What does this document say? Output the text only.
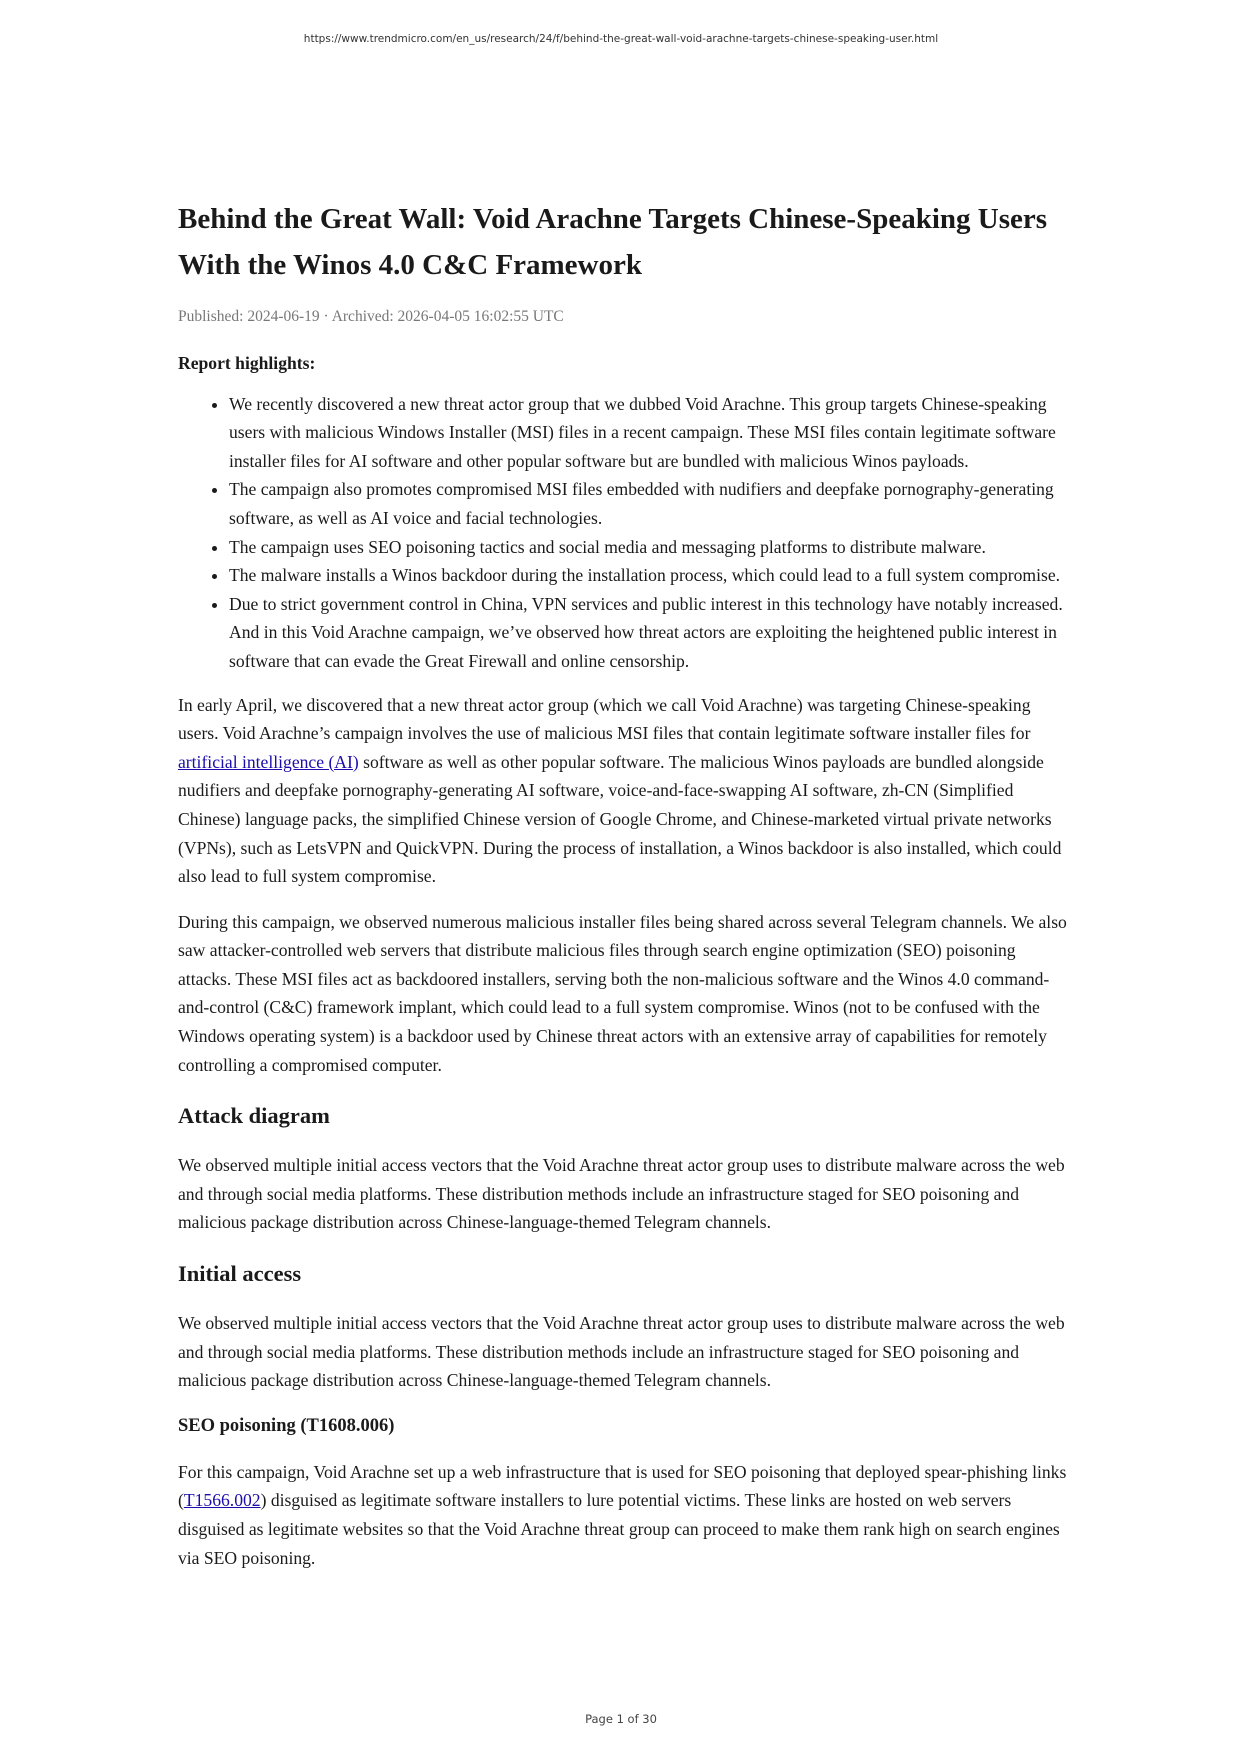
https://www.trendmicro.com/en_us/research/24/f/behind-the-great-wall-void-arachne-targets-chinese-speaking-user.html
Behind the Great Wall: Void Arachne Targets Chinese-Speaking Users With the Winos 4.0 C&C Framework
Published: 2024-06-19 · Archived: 2026-04-05 16:02:55 UTC
Report highlights:
• We recently discovered a new threat actor group that we dubbed Void Arachne. This group targets Chinese-speaking users with malicious Windows Installer (MSI) files in a recent campaign. These MSI files contain legitimate software installer files for AI software and other popular software but are bundled with malicious Winos payloads.
• The campaign also promotes compromised MSI files embedded with nudifiers and deepfake pornography-generating software, as well as AI voice and facial technologies.
• The campaign uses SEO poisoning tactics and social media and messaging platforms to distribute malware.
• The malware installs a Winos backdoor during the installation process, which could lead to a full system compromise.
• Due to strict government control in China, VPN services and public interest in this technology have notably increased. And in this Void Arachne campaign, we’ve observed how threat actors are exploiting the heightened public interest in software that can evade the Great Firewall and online censorship.

In early April, we discovered that a new threat actor group (which we call Void Arachne) was targeting Chinese-speaking users. Void Arachne’s campaign involves the use of malicious MSI files that contain legitimate software installer files for artificial intelligence (AI) software as well as other popular software. The malicious Winos payloads are bundled alongside nudifiers and deepfake pornography-generating AI software, voice-and-face-swapping AI software, zh-CN (Simplified Chinese) language packs, the simplified Chinese version of Google Chrome, and Chinese-marketed virtual private networks (VPNs), such as LetsVPN and QuickVPN. During the process of installation, a Winos backdoor is also installed, which could also lead to full system compromise.

During this campaign, we observed numerous malicious installer files being shared across several Telegram channels. We also saw attacker-controlled web servers that distribute malicious files through search engine optimization (SEO) poisoning attacks. These MSI files act as backdoored installers, serving both the non-malicious software and the Winos 4.0 command-and-control (C&C) framework implant, which could lead to a full system compromise. Winos (not to be confused with the Windows operating system) is a backdoor used by Chinese threat actors with an extensive array of capabilities for remotely controlling a compromised computer.

Attack diagram

We observed multiple initial access vectors that the Void Arachne threat actor group uses to distribute malware across the web and through social media platforms. These distribution methods include an infrastructure staged for SEO poisoning and malicious package distribution across Chinese-language-themed Telegram channels.

Initial access

We observed multiple initial access vectors that the Void Arachne threat actor group uses to distribute malware across the web and through social media platforms. These distribution methods include an infrastructure staged for SEO poisoning and malicious package distribution across Chinese-language-themed Telegram channels.

SEO poisoning (T1608.006)

For this campaign, Void Arachne set up a web infrastructure that is used for SEO poisoning that deployed spear-phishing links (T1566.002) disguised as legitimate software installers to lure potential victims. These links are hosted on web servers disguised as legitimate websites so that the Void Arachne threat group can proceed to make them rank high on search engines via SEO poisoning.

Page 1 of 30
